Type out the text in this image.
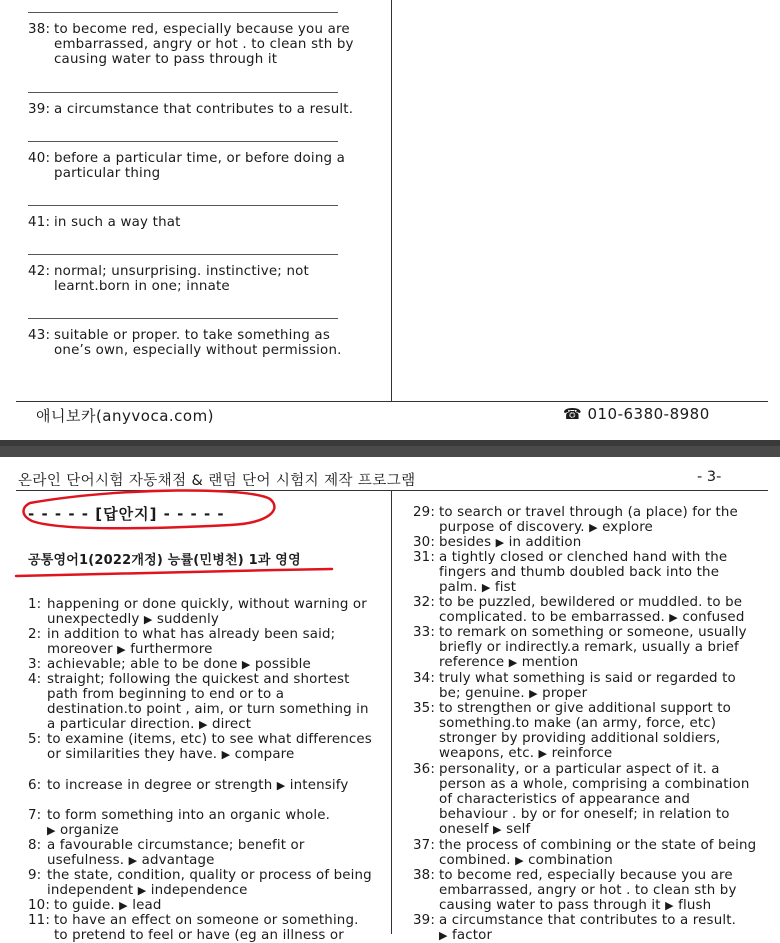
38: to become red, especially because you are embarrassed, angry or hot . to clean sth by causing water to pass through it
39: a circumstance that contributes to a result.
40: before a particular time, or before doing a particular thing
41: in such a way that
42: normal; unsurprising. instinctive; not learnt.born in one; innate
43: suitable or proper. to take something as one’s own, especially without permission.
애니보카(anyvoca.com)	☎ 010-6380-8980
온라인 단어시험 자동채점 & 랜덤 단어 시험지 제작 프로그램	- 3-
- - - - - [답안지] - - - - -
공통영어1(2022개정) 능률(민병천) 1과 영영
1: happening or done quickly, without warning or unexpectedly ▶ suddenly
2: in addition to what has already been said; moreover ▶ furthermore
3: achievable; able to be done ▶ possible
4: straight; following the quickest and shortest path from beginning to end or to a destination.to point , aim, or turn something in a particular direction. ▶ direct
5: to examine (items, etc) to see what differences or similarities they have. ▶ compare
6: to increase in degree or strength ▶ intensify
7: to form something into an organic whole. ▶ organize
8: a favourable circumstance; benefit or usefulness. ▶ advantage
9: the state, condition, quality or process of being independent ▶ independence
10: to guide. ▶ lead
11: to have an effect on someone or something. to pretend to feel or have (eg an illness or
29: to search or travel through (a place) for the purpose of discovery. ▶ explore
30: besides ▶ in addition
31: a tightly closed or clenched hand with the fingers and thumb doubled back into the palm. ▶ fist
32: to be puzzled, bewildered or muddled. to be complicated. to be embarrassed. ▶ confused
33: to remark on something or someone, usually briefly or indirectly.a remark, usually a brief reference ▶ mention
34: truly what something is said or regarded to be; genuine. ▶ proper
35: to strengthen or give additional support to something.to make (an army, force, etc) stronger by providing additional soldiers, weapons, etc. ▶ reinforce
36: personality, or a particular aspect of it. a person as a whole, comprising a combination of characteristics of appearance and behaviour . by or for oneself; in relation to oneself ▶ self
37: the process of combining or the state of being combined. ▶ combination
38: to become red, especially because you are embarrassed, angry or hot . to clean sth by causing water to pass through it ▶ flush
39: a circumstance that contributes to a result. ▶ factor
